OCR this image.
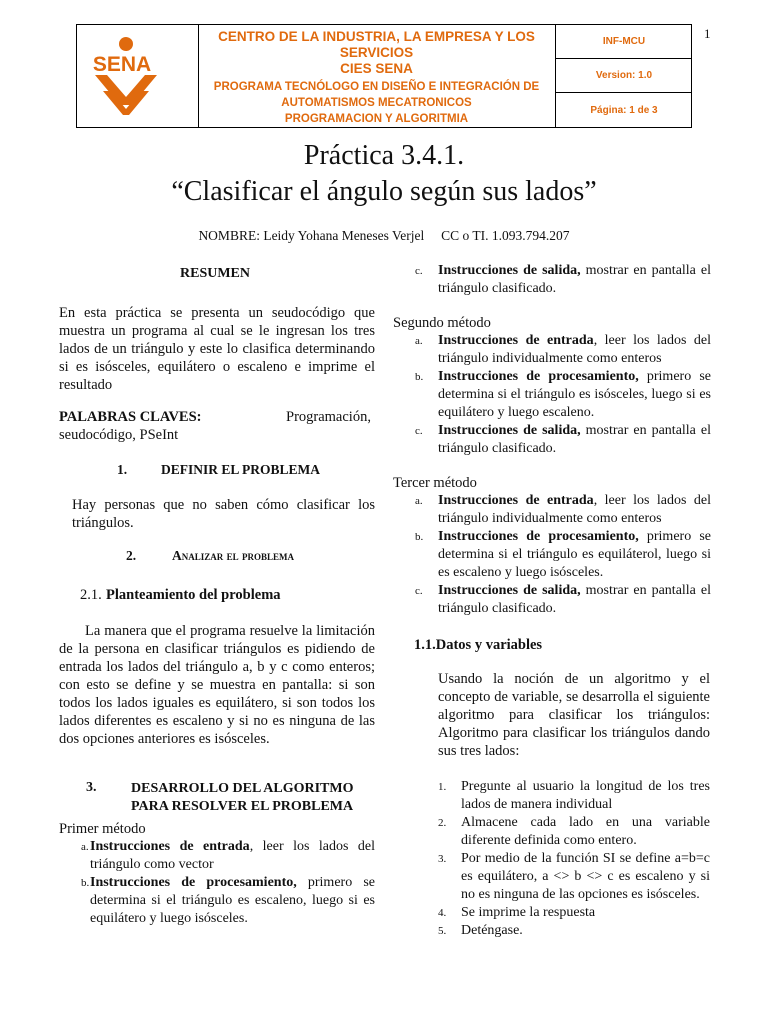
SENA
INF-MCU
Version: 1.0
Página: 1 de 3
CENTRO DE LA INDUSTRIA, LA EMPRESA Y LOS
SERVICIOS
CIES SENA
PROGRAMA TECNÓLOGO EN DISEÑO E INTEGRACIÓN DE
AUTOMATISMOS MECATRONICOS
PROGRAMACION Y ALGORITMIA
1
Práctica 3.4.1.
“Clasificar el ángulo según sus lados”
NOMBRE: Leidy Yohana Meneses Verjel     CC o TI. 1.093.794.207
RESUMEN
En esta práctica se presenta un seudocódigo que muestra un programa al cual se le ingresan los tres lados de un triángulo y este lo clasifica determinando si es isósceles, equilátero o escaleno e imprime el resultado
PALABRAS CLAVES:	Programación,
seudocódigo, PSeInt
1.	DEFINIR EL PROBLEMA
Hay personas que no saben cómo clasificar los triángulos.
2.	Analizar el problema
2.1. Planteamiento del problema
La manera que el programa resuelve la limitación de la persona en clasificar triángulos es pidiendo de entrada los lados del triángulo a, b y c como enteros; con esto se define y se muestra en pantalla: si son todos los lados iguales es equilátero, si son todos los lados diferentes es escaleno y si no es ninguna de las dos opciones anteriores es isósceles.
3. DESARROLLO DEL ALGORITMO
PARA RESOLVER EL PROBLEMA
Primer método
a. Instrucciones de entrada, leer los lados del triángulo como vector
b. Instrucciones de procesamiento, primero se determina si el triángulo es escaleno, luego si es equilátero y luego isósceles.
c. Instrucciones de salida, mostrar en pantalla el triángulo clasificado.
Segundo método
a. Instrucciones de entrada, leer los lados del triángulo individualmente como enteros
b. Instrucciones de procesamiento, primero se determina si el triángulo es isósceles, luego si es equilátero y luego escaleno.
c. Instrucciones de salida, mostrar en pantalla el triángulo clasificado.
Tercer método
a. Instrucciones de entrada, leer los lados del triángulo individualmente como enteros
b. Instrucciones de procesamiento, primero se determina si el triángulo es equiláterol, luego si es escaleno y luego isósceles.
c. Instrucciones de salida, mostrar en pantalla el triángulo clasificado.
1.1.Datos y variables
Usando la noción de un algoritmo y el concepto de variable, se desarrolla el siguiente algoritmo para clasificar los triángulos: Algoritmo para clasificar los triángulos dando sus tres lados:
1. Pregunte al usuario la longitud de los tres lados de manera individual
2. Almacene cada lado en una variable diferente definida como entero.
3. Por medio de la función SI se define a=b=c es equilátero, a <> b <> c es escaleno y si no es ninguna de las opciones es isósceles.
4. Se imprime la respuesta
5. Deténgase.
